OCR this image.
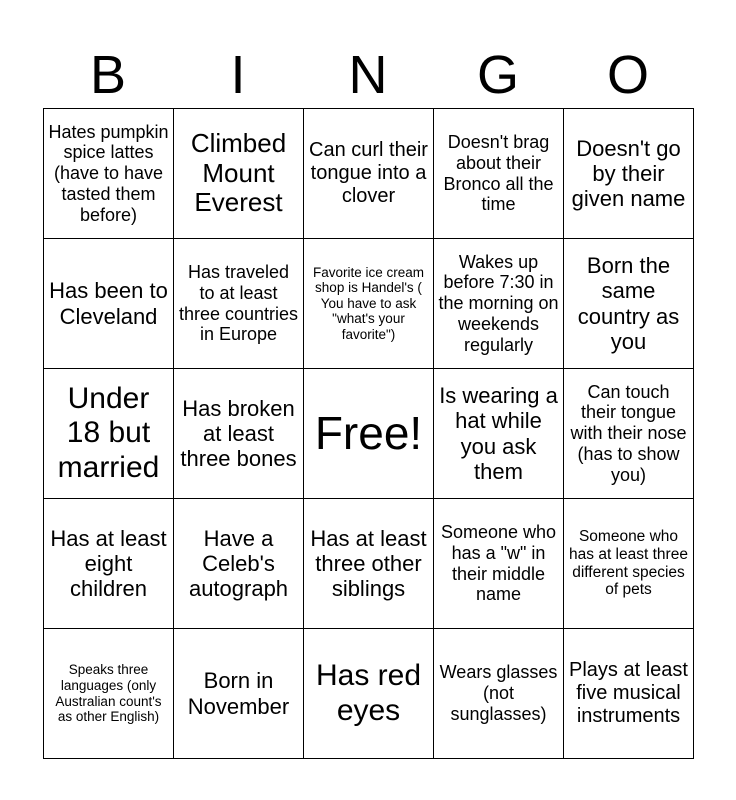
B	I	N	G	O
Hates pumpkin spice lattes (have to have tasted them before)	Climbed Mount Everest	Can curl their tongue into a clover	Doesn't brag about their Bronco all the time	Doesn't go by their given name
Has been to Cleveland	Has traveled to at least three countries in Europe	Favorite ice cream shop is Handel's ( You have to ask "what's your favorite")	Wakes up before 7:30 in the morning on weekends regularly	Born the same country as you
Under 18 but married	Has broken at least three bones	Free!	Is wearing a hat while you ask them	Can touch their tongue with their nose (has to show you)
Has at least eight children	Have a Celeb's autograph	Has at least three other siblings	Someone who has a "w" in their middle name	Someone who has at least three different species of pets
Speaks three languages (only Australian count's as other English)	Born in November	Has red eyes	Wears glasses (not sunglasses)	Plays at least five musical instruments
